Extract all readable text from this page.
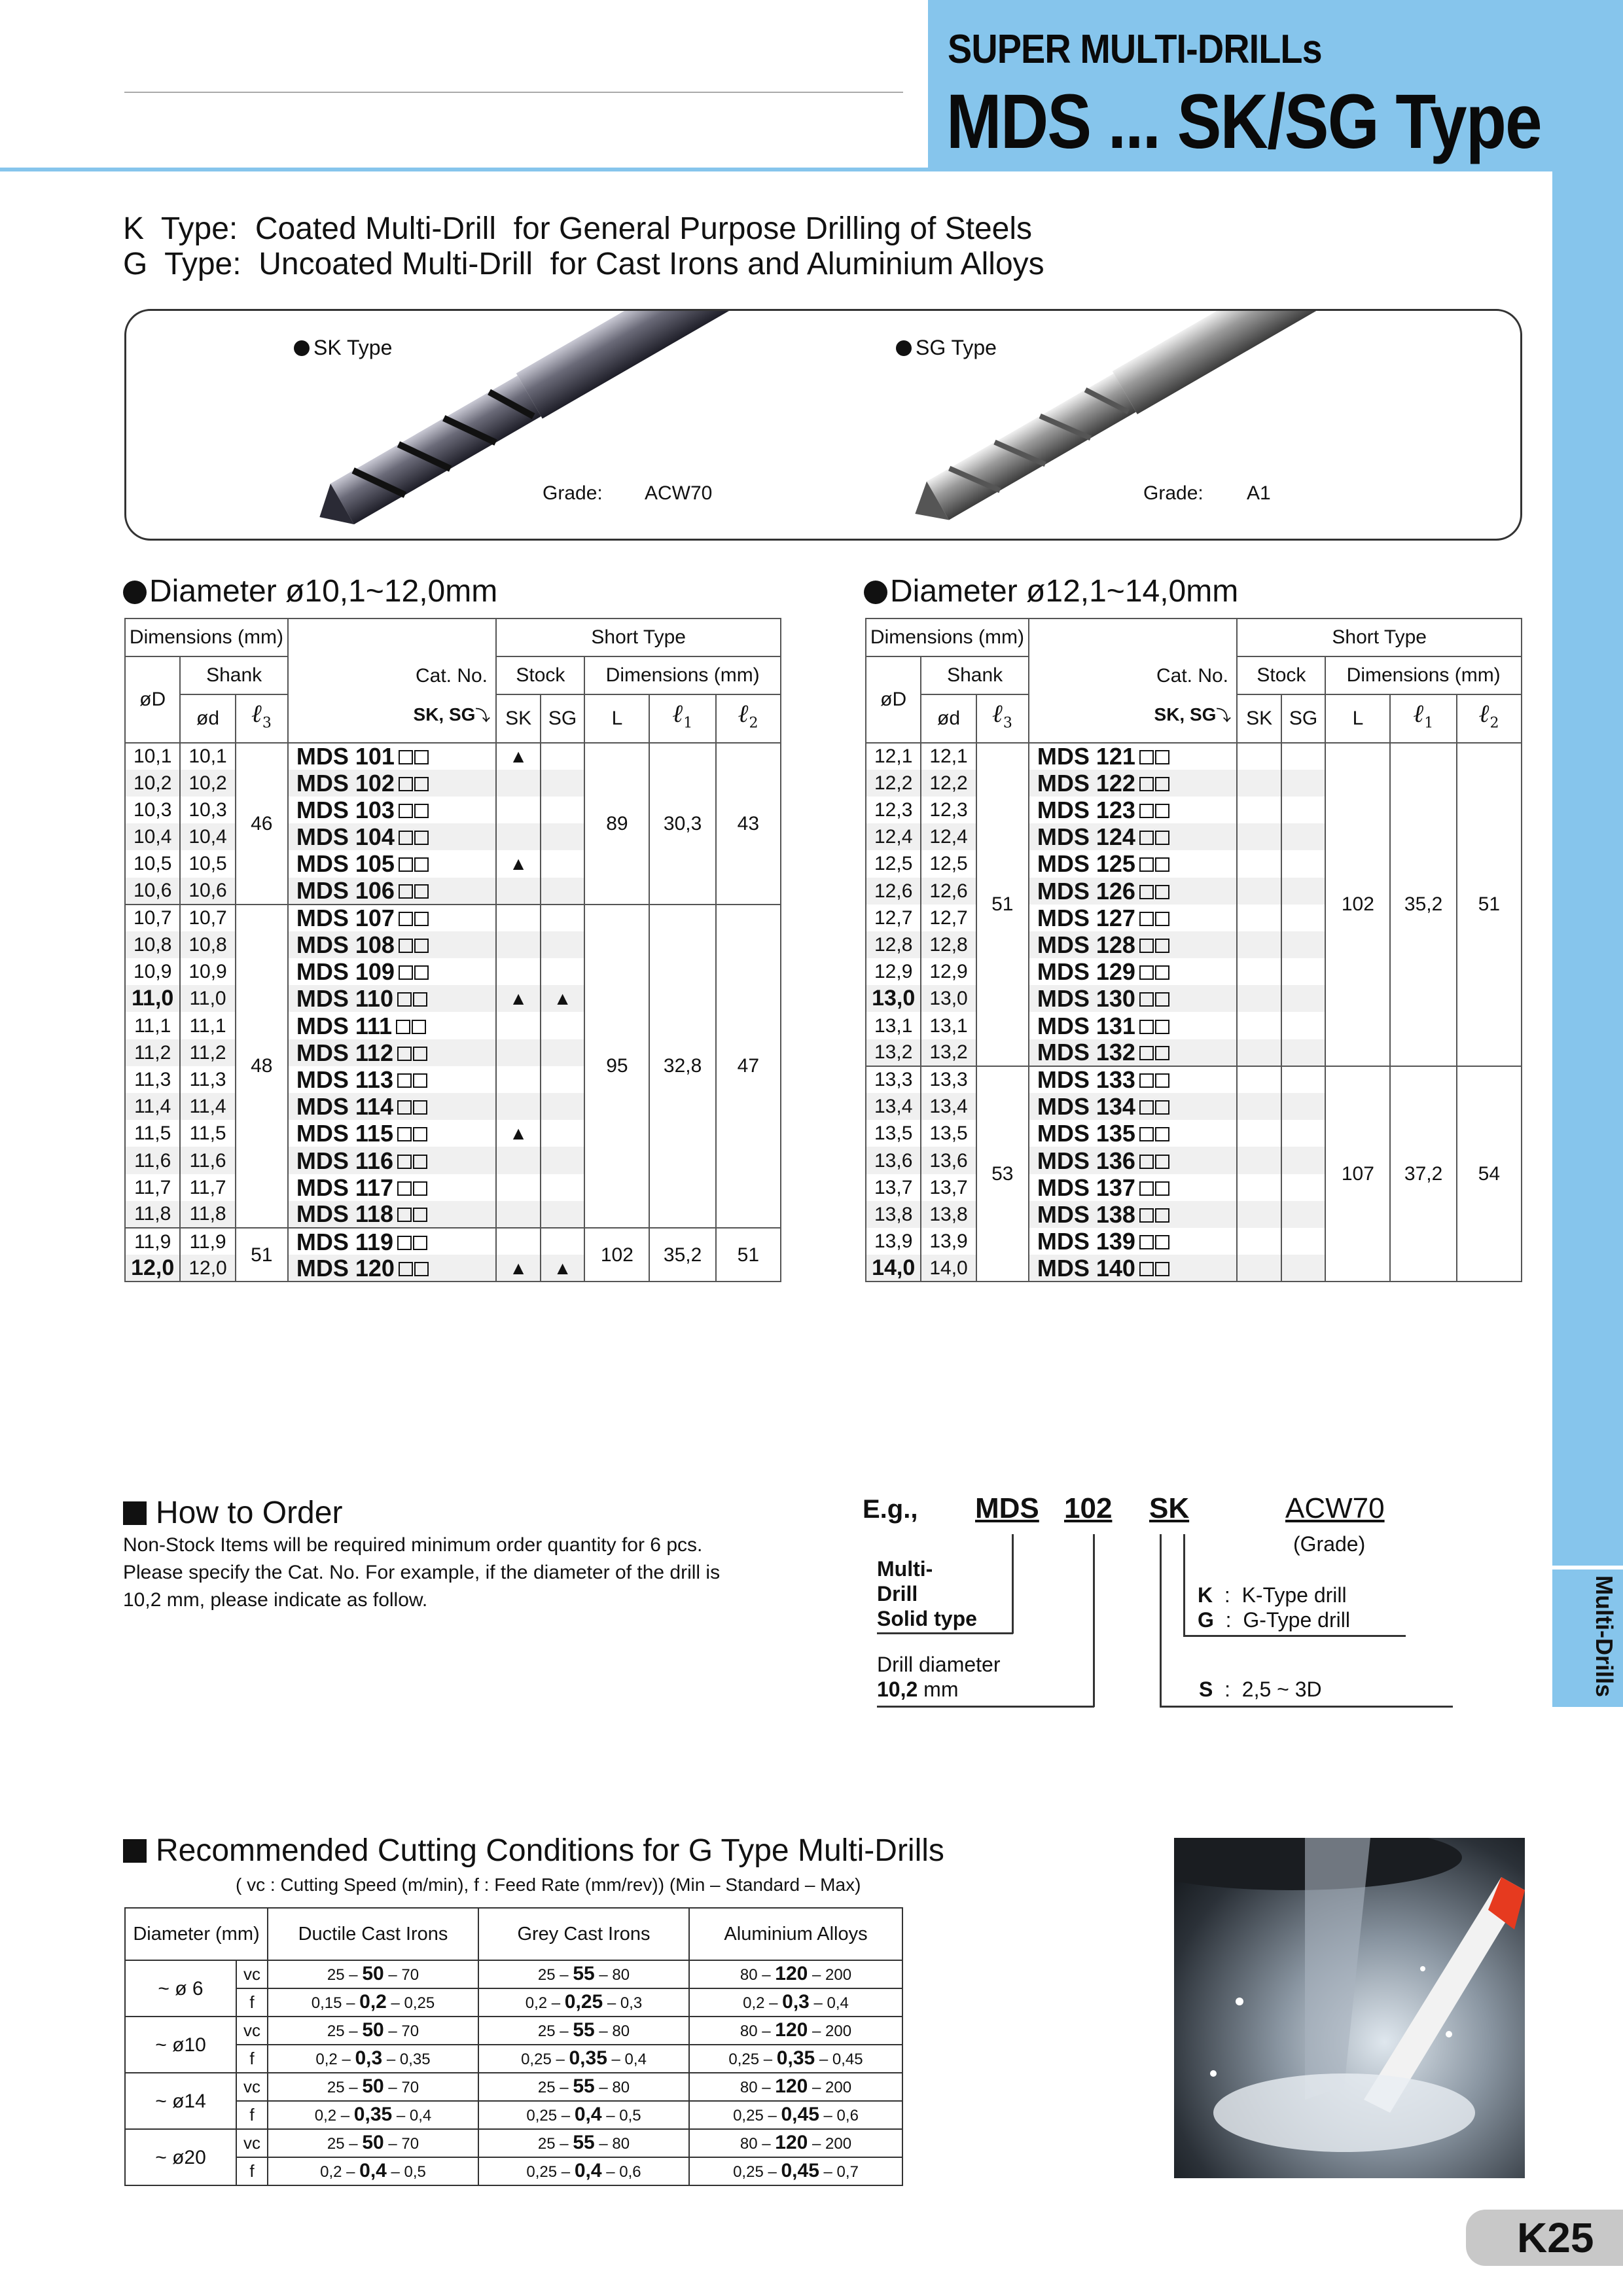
SUPER MULTI-DRILLs
MDS ... SK/SG Type
Multi-Drills
K  Type:  Coated Multi-Drill  for General Purpose Drilling of Steels
G  Type:  Uncoated Multi-Drill  for Cast Irons and Aluminium Alloys
SK Type	SG Type
Grade: ACW70	Grade: A1
Diameter ø10,1~12,0mm	Diameter ø12,1~14,0mm
Dimensions (mm)				Short Type				
øD	Shank			Stock		Dimensions (mm)		
	ød	ℓ$_3$		SK	SG	L	ℓ$_1$	ℓ$_2$
10,1	10,1	46	MDS 101	▲		89	30,3	43
10,2	10,2		MDS 102					
10,3	10,3		MDS 103					
10,4	10,4		MDS 104					
10,5	10,5		MDS 105	▲				
10,6	10,6		MDS 106					
10,7	10,7	48	MDS 107			95	32,8	47
10,8	10,8		MDS 108					
10,9	10,9		MDS 109					
11,0	11,0		MDS 110	▲	▲			
11,1	11,1		MDS 111					
11,2	11,2		MDS 112					
11,3	11,3		MDS 113					
11,4	11,4		MDS 114					
11,5	11,5		MDS 115	▲				
11,6	11,6		MDS 116					
11,7	11,7		MDS 117					
11,8	11,8		MDS 118					
11,9	11,9	51	MDS 119			102	35,2	51
12,0	12,0		MDS 120	▲	▲			
Dimensions (mm)				Short Type				
øD	Shank			Stock		Dimensions (mm)		
	ød	ℓ$_3$		SK	SG	L	ℓ$_1$	ℓ$_2$
12,1	12,1	51	MDS 121			102	35,2	51
12,2	12,2		MDS 122					
12,3	12,3		MDS 123					
12,4	12,4		MDS 124					
12,5	12,5		MDS 125					
12,6	12,6		MDS 126					
12,7	12,7		MDS 127					
12,8	12,8		MDS 128					
12,9	12,9		MDS 129					
13,0	13,0		MDS 130					
13,1	13,1		MDS 131					
13,2	13,2		MDS 132					
13,3	13,3	53	MDS 133			107	37,2	54
13,4	13,4		MDS 134					
13,5	13,5		MDS 135					
13,6	13,6		MDS 136					
13,7	13,7		MDS 137					
13,8	13,8		MDS 138					
13,9	13,9		MDS 139					
14,0	14,0		MDS 140					
Cat. No.
SK, SG⤵
Cat. No.
SK, SG⤵
How to Order
Non-Stock Items will be required minimum order quantity for 6 pcs. Please specify the Cat. No. For example, if the diameter of the drill is 10,2 mm, please indicate as follow.
E.g., MDS 102 SK	ACW70
(Grade)
Multi-
Drill
Solid type
Drill diameter
10,2 mm
K : K-Type drill
G : G-Type drill
S : 2,5 ~ 3D
Recommended Cutting Conditions for G Type Multi-Drills
( vc : Cutting Speed (m/min), f : Feed Rate (mm/rev)) (Min – Standard – Max)
Diameter (mm)		Ductile Cast Irons	Grey Cast Irons	Aluminium Alloys
~ ø 6	vc	25 – 50 – 70	25 – 55 – 80	80 – 120 – 200
	f	0,15 – 0,2 – 0,25	0,2 – 0,25 – 0,3	0,2 – 0,3 – 0,4
~ ø10	vc	25 – 50 – 70	25 – 55 – 80	80 – 120 – 200
	f	0,2 – 0,3 – 0,35	0,25 – 0,35 – 0,4	0,25 – 0,35 – 0,45
~ ø14	vc	25 – 50 – 70	25 – 55 – 80	80 – 120 – 200
	f	0,2 – 0,35 – 0,4	0,25 – 0,4 – 0,5	0,25 – 0,45 – 0,6
~ ø20	vc	25 – 50 – 70	25 – 55 – 80	80 – 120 – 200
	f	0,2 – 0,4 – 0,5	0,25 – 0,4 – 0,6	0,25 – 0,45 – 0,7
K25
